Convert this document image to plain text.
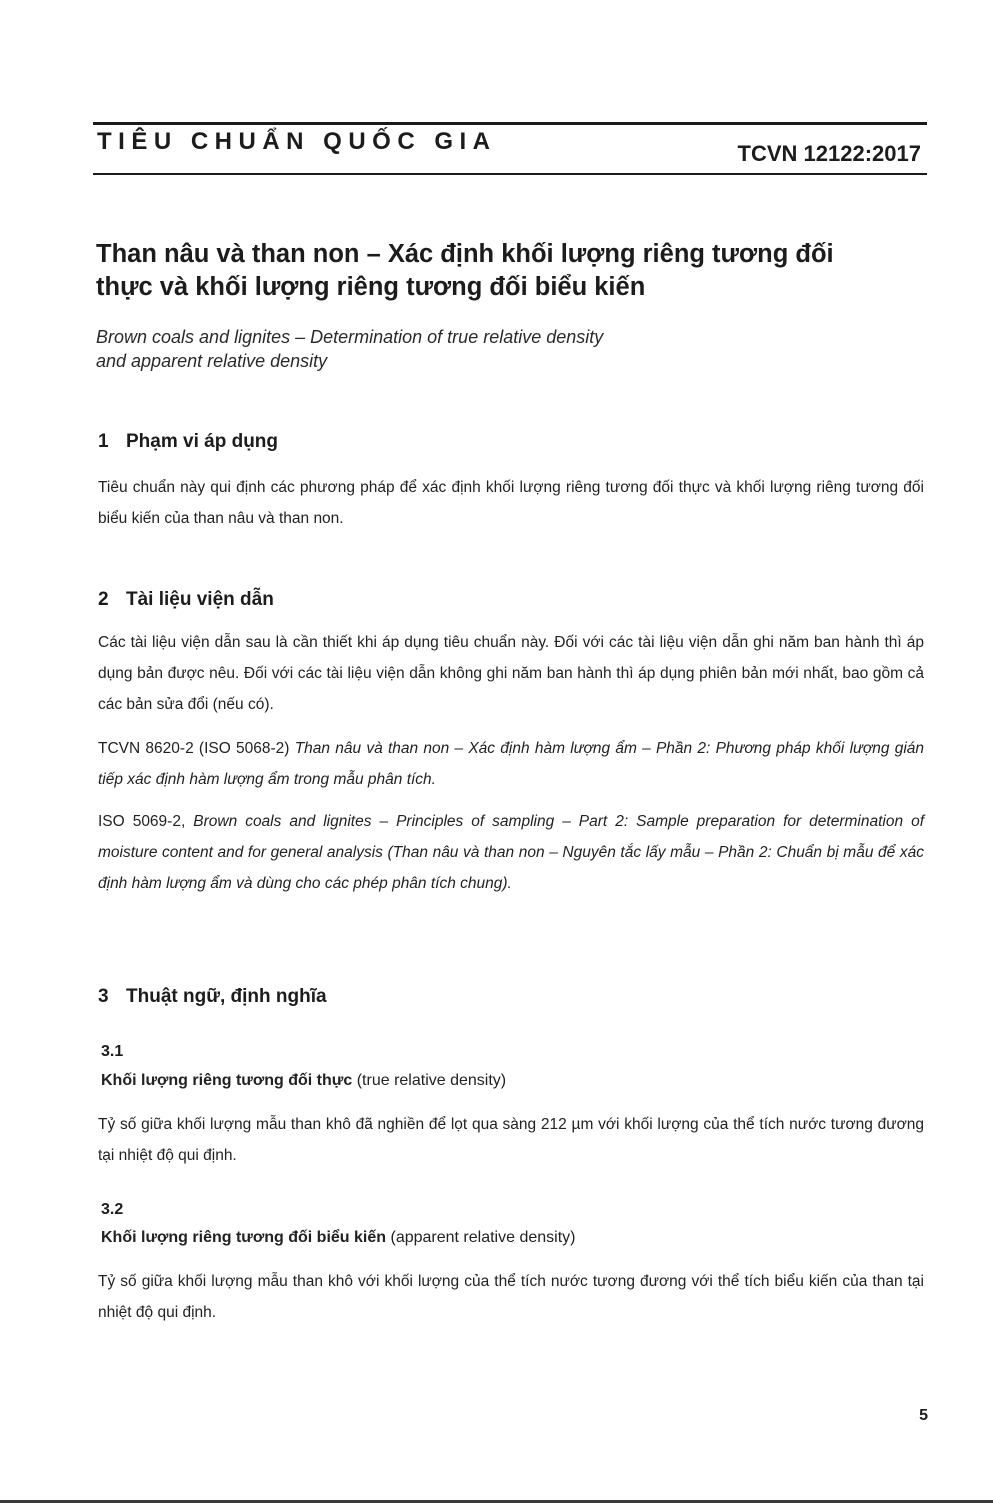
TIÊU CHUẨN QUỐC GIA	TCVN 12122:2017
Than nâu và than non – Xác định khối lượng riêng tương đối
thực và khối lượng riêng tương đối biểu kiến

Brown coals and lignites – Determination of true relative density
and apparent relative density

1 Phạm vi áp dụng

Tiêu chuẩn này qui định các phương pháp để xác định khối lượng riêng tương đối thực và khối lượng riêng tương đối biểu kiến của than nâu và than non.

2 Tài liệu viện dẫn

Các tài liệu viện dẫn sau là cần thiết khi áp dụng tiêu chuẩn này. Đối với các tài liệu viện dẫn ghi năm ban hành thì áp dụng bản được nêu. Đối với các tài liệu viện dẫn không ghi năm ban hành thì áp dụng phiên bản mới nhất, bao gồm cả các bản sửa đổi (nếu có).

TCVN 8620-2 (ISO 5068-2) Than nâu và than non – Xác định hàm lượng ẩm – Phần 2: Phương pháp khối lượng gián tiếp xác định hàm lượng ẩm trong mẫu phân tích.

ISO 5069-2, Brown coals and lignites – Principles of sampling – Part 2: Sample preparation for determination of moisture content and for general analysis (Than nâu và than non – Nguyên tắc lấy mẫu – Phần 2: Chuẩn bị mẫu để xác định hàm lượng ẩm và dùng cho các phép phân tích chung).

3 Thuật ngữ, định nghĩa

3.1

Khối lượng riêng tương đối thực (true relative density)

Tỷ số giữa khối lượng mẫu than khô đã nghiền để lọt qua sàng 212 µm với khối lượng của thể tích nước tương đương tại nhiệt độ qui định.

3.2

Khối lượng riêng tương đối biểu kiến (apparent relative density)

Tỷ số giữa khối lượng mẫu than khô với khối lượng của thể tích nước tương đương với thể tích biểu kiến của than tại nhiệt độ qui định.

5
